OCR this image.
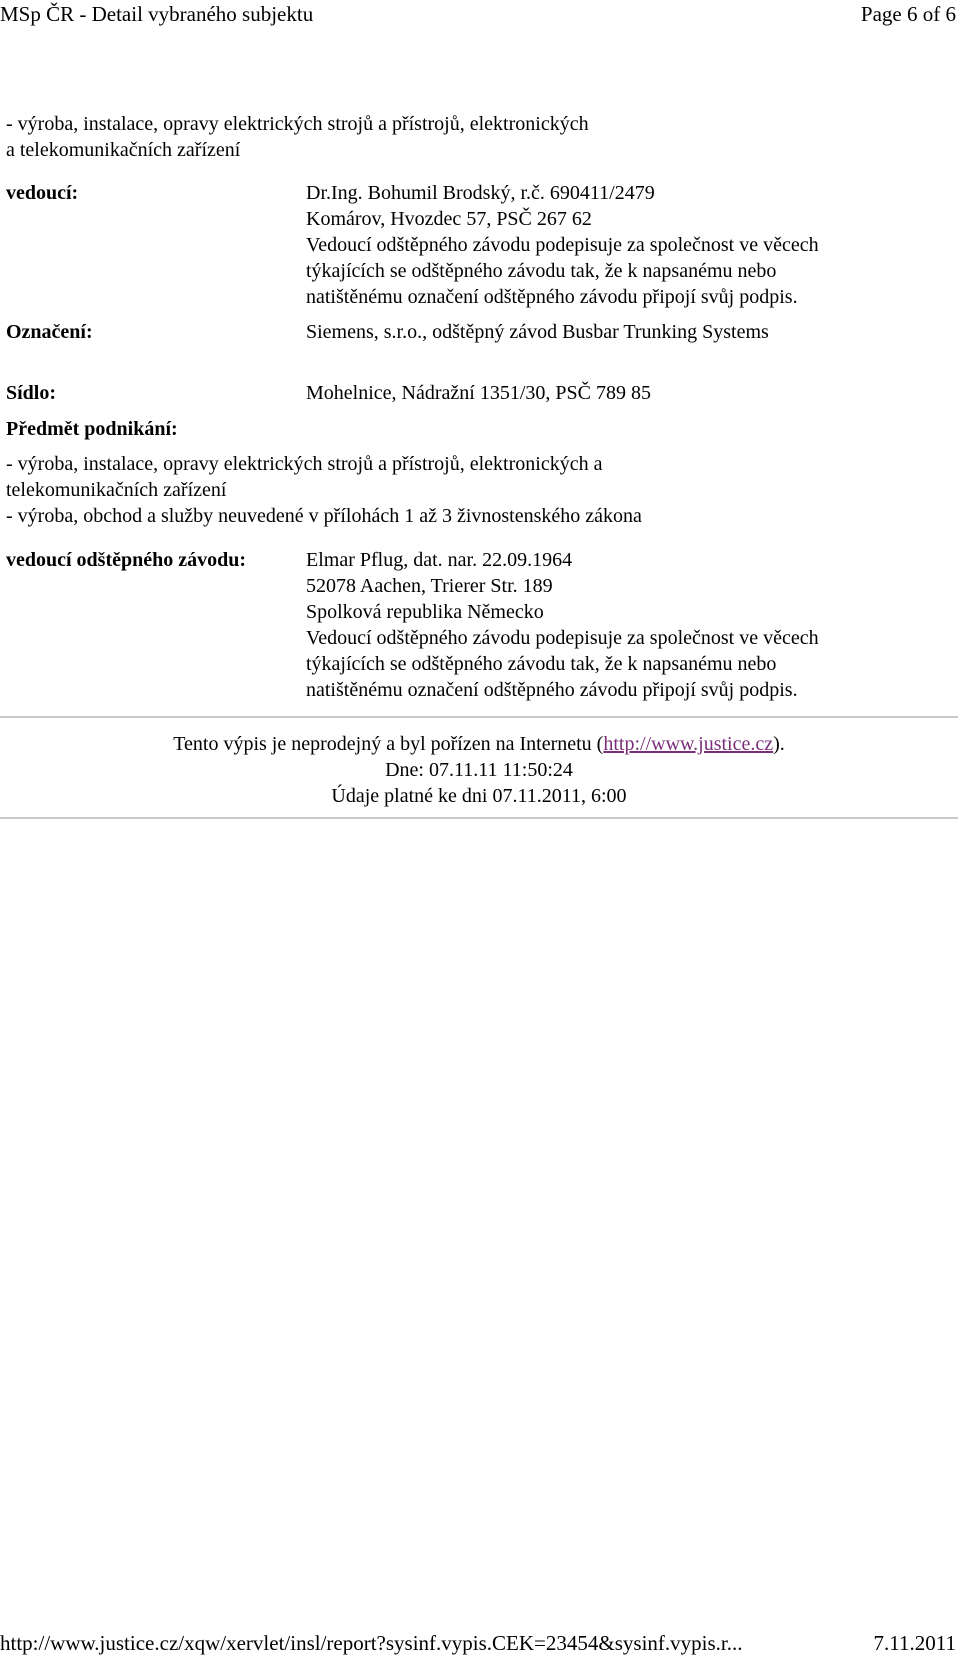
MSp ČR - Detail vybraného subjektu	Page 6 of 6
- výroba, instalace, opravy elektrických strojů a přístrojů, elektronických
a telekomunikačních zařízení
vedoucí:	Dr.Ing. Bohumil Brodský, r.č. 690411/2479
Komárov, Hvozdec 57, PSČ 267 62
Vedoucí odštěpného závodu podepisuje za společnost ve věcech
týkajících se odštěpného závodu tak, že k napsanému nebo
natištěnému označení odštěpného závodu připojí svůj podpis.
Označení:	Siemens, s.r.o., odštěpný závod Busbar Trunking Systems
Sídlo:	Mohelnice, Nádražní 1351/30, PSČ 789 85
Předmět podnikání:
- výroba, instalace, opravy elektrických strojů a přístrojů, elektronických a
telekomunikačních zařízení
- výroba, obchod a služby neuvedené v přílohách 1 až 3 živnostenského zákona
vedoucí odštěpného závodu:	Elmar Pflug, dat. nar. 22.09.1964
52078 Aachen, Trierer Str. 189
Spolková republika Německo
Vedoucí odštěpného závodu podepisuje za společnost ve věcech
týkajících se odštěpného závodu tak, že k napsanému nebo
natištěnému označení odštěpného závodu připojí svůj podpis.
Tento výpis je neprodejný a byl pořízen na Internetu (http://www.justice.cz).
Dne: 07.11.11 11:50:24
Údaje platné ke dni 07.11.2011, 6:00
http://www.justice.cz/xqw/xervlet/insl/report?sysinf.vypis.CEK=23454&sysinf.vypis.r...	7.11.2011
